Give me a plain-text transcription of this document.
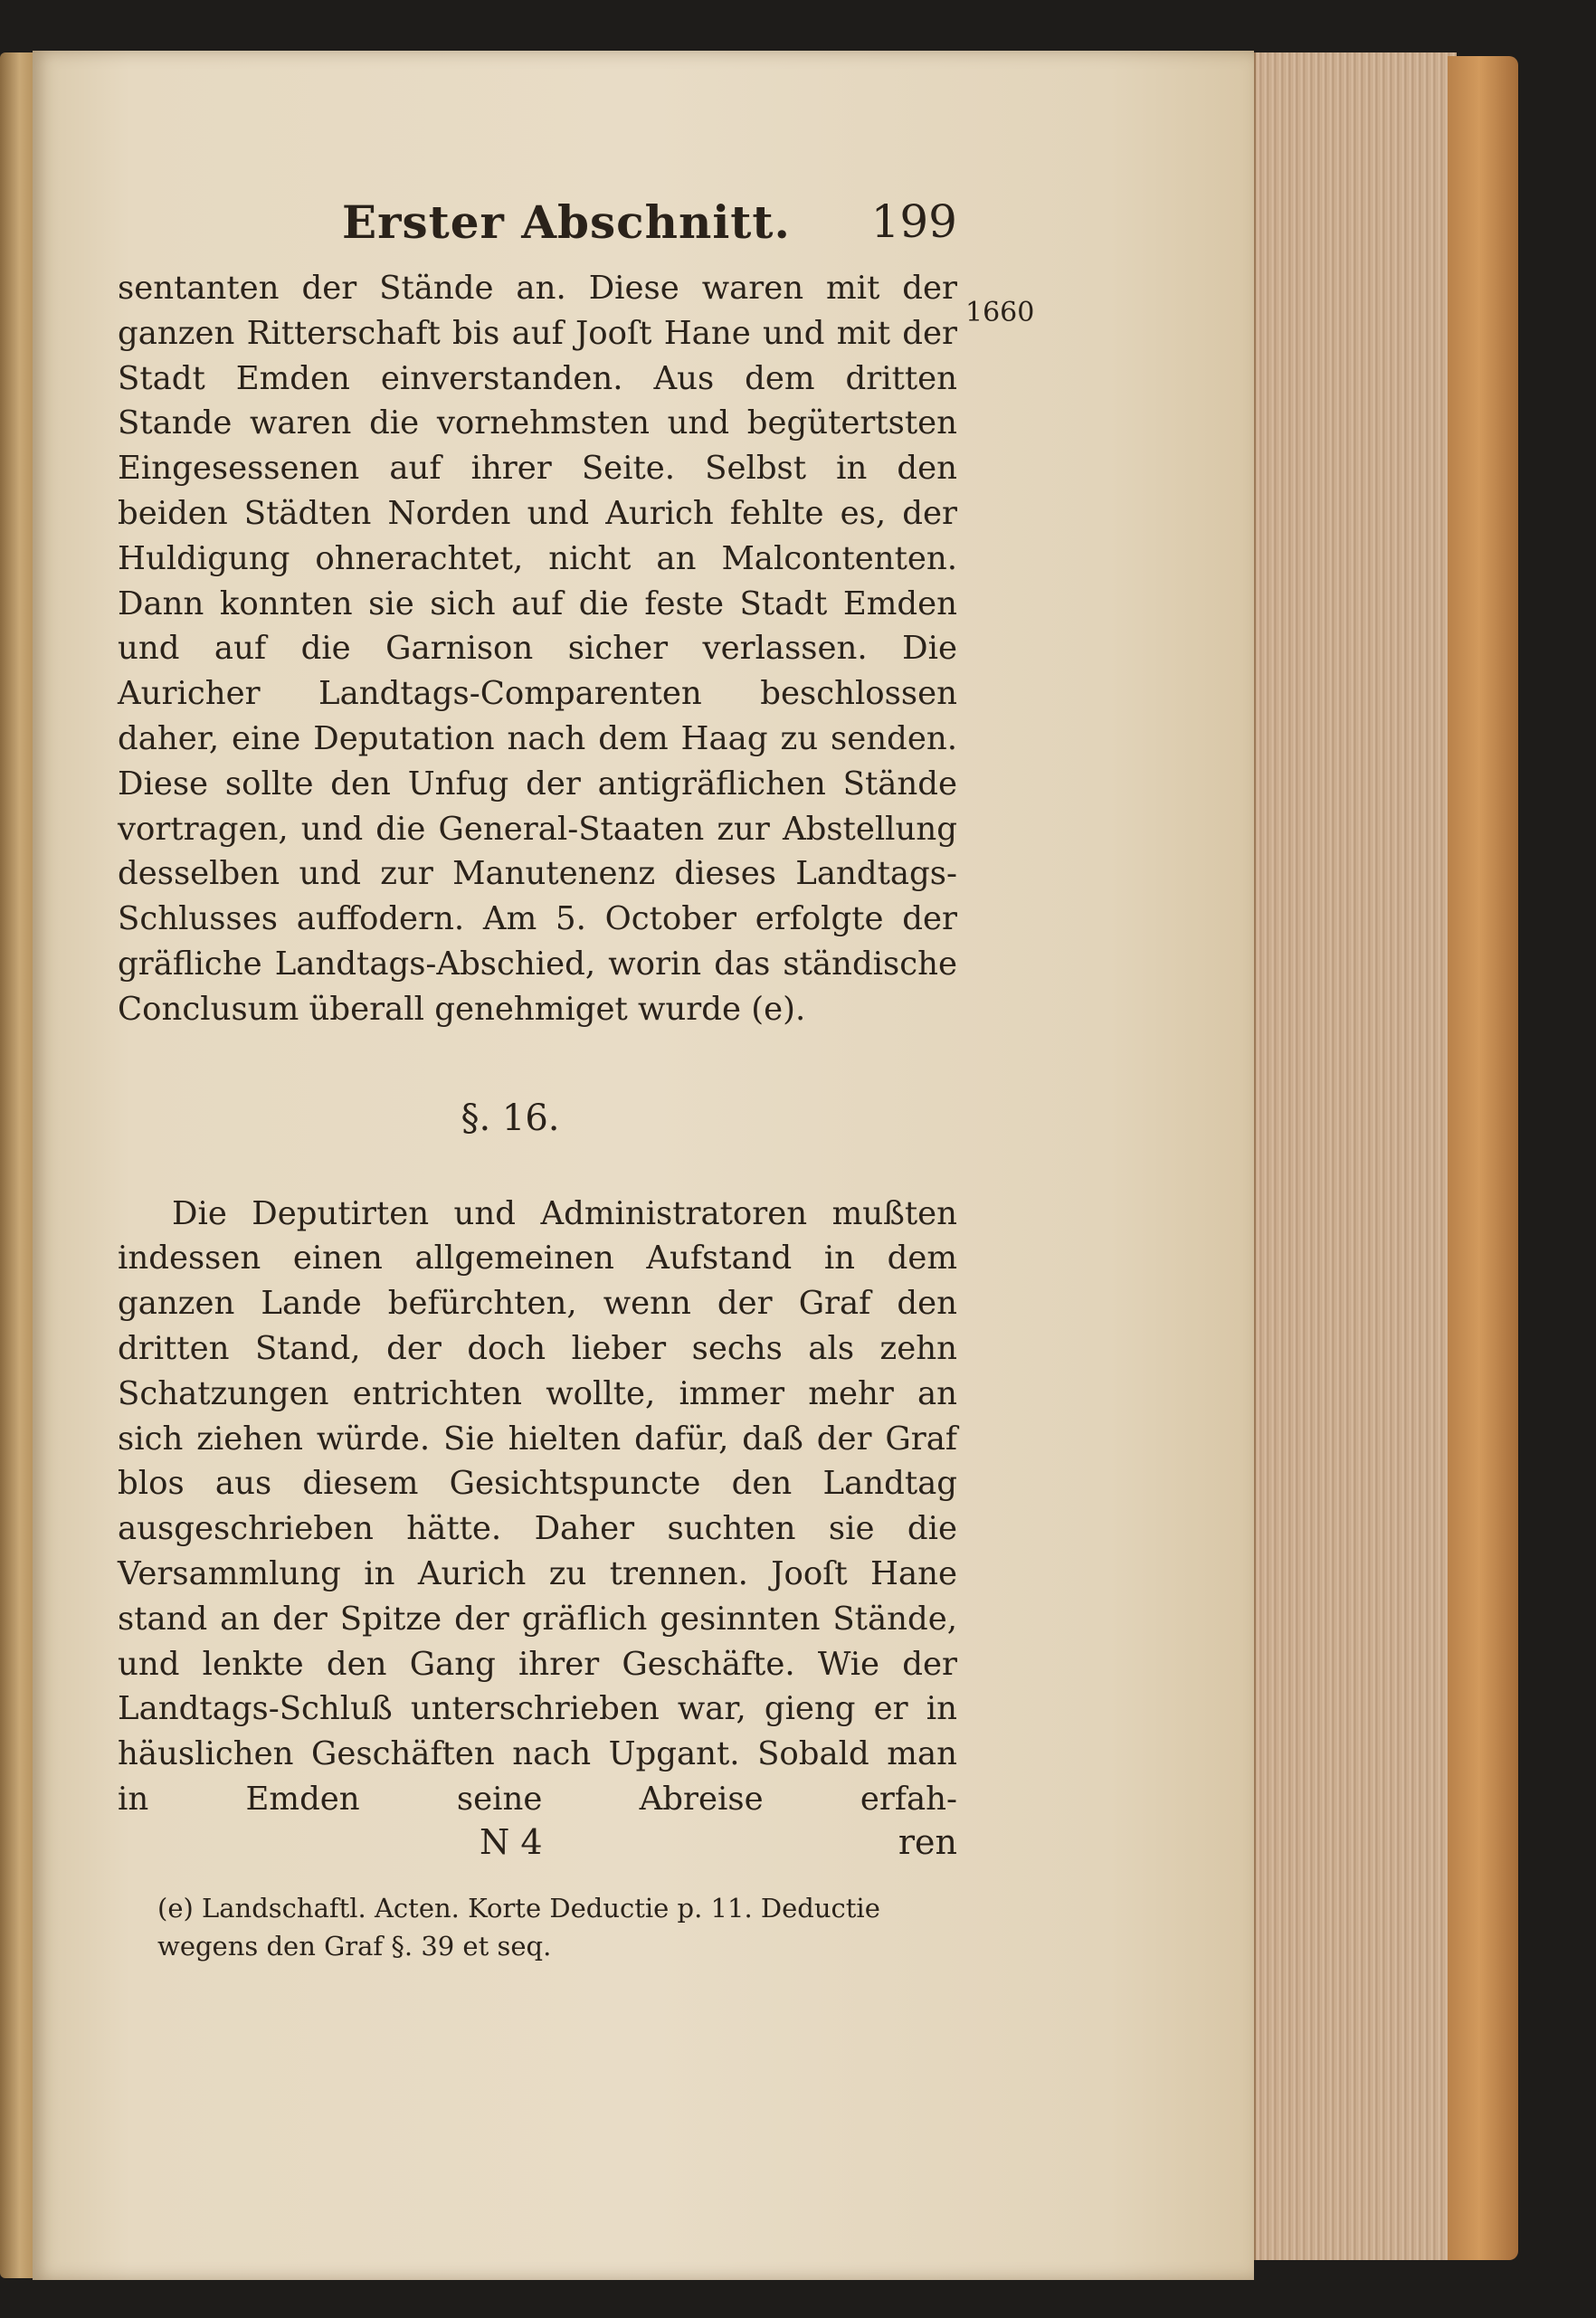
Erster Abschnitt. 199
1660

sentanten der Stände an. Diese waren mit der ganzen Ritterschaft bis auf Jooſt Hane und mit der Stadt Emden einverstanden. Aus dem dritten Stande waren die vornehmsten und begütertsten Eingesessenen auf ihrer Seite. Selbst in den beiden Städten Norden und Aurich fehlte es, der Huldigung ohnerachtet, nicht an Malcontenten. Dann konnten sie sich auf die feste Stadt Emden und auf die Garnison sicher verlassen. Die Auricher Landtags-Comparenten beschlossen daher, eine Deputation nach dem Haag zu senden. Diese sollte den Unfug der antigräflichen Stände vortragen, und die General-Staaten zur Abstellung desselben und zur Manutenenz dieses Landtags-Schlusses auffodern. Am 5. October erfolgte der gräfliche Landtags-Abschied, worin das ständische Conclusum überall genehmiget wurde (e).

§. 16.

Die Deputirten und Administratoren mußten indessen einen allgemeinen Aufstand in dem ganzen Lande befürchten, wenn der Graf den dritten Stand, der doch lieber sechs als zehn Schatzungen entrichten wollte, immer mehr an sich ziehen würde. Sie hielten dafür, daß der Graf blos aus diesem Gesichtspuncte den Landtag ausgeschrieben hätte. Daher suchten sie die Versammlung in Aurich zu trennen. Jooſt Hane stand an der Spitze der gräflich gesinnten Stände, und lenkte den Gang ihrer Geschäfte. Wie der Landtags-Schluß unterschrieben war, gieng er in häuslichen Geschäften nach Upgant. Sobald man in Emden seine Abreise erfah-

N 4	ren
(e) Landschaftl. Acten. Korte Deductie p. 11. Deductie wegens den Graf §. 39 et seq.
